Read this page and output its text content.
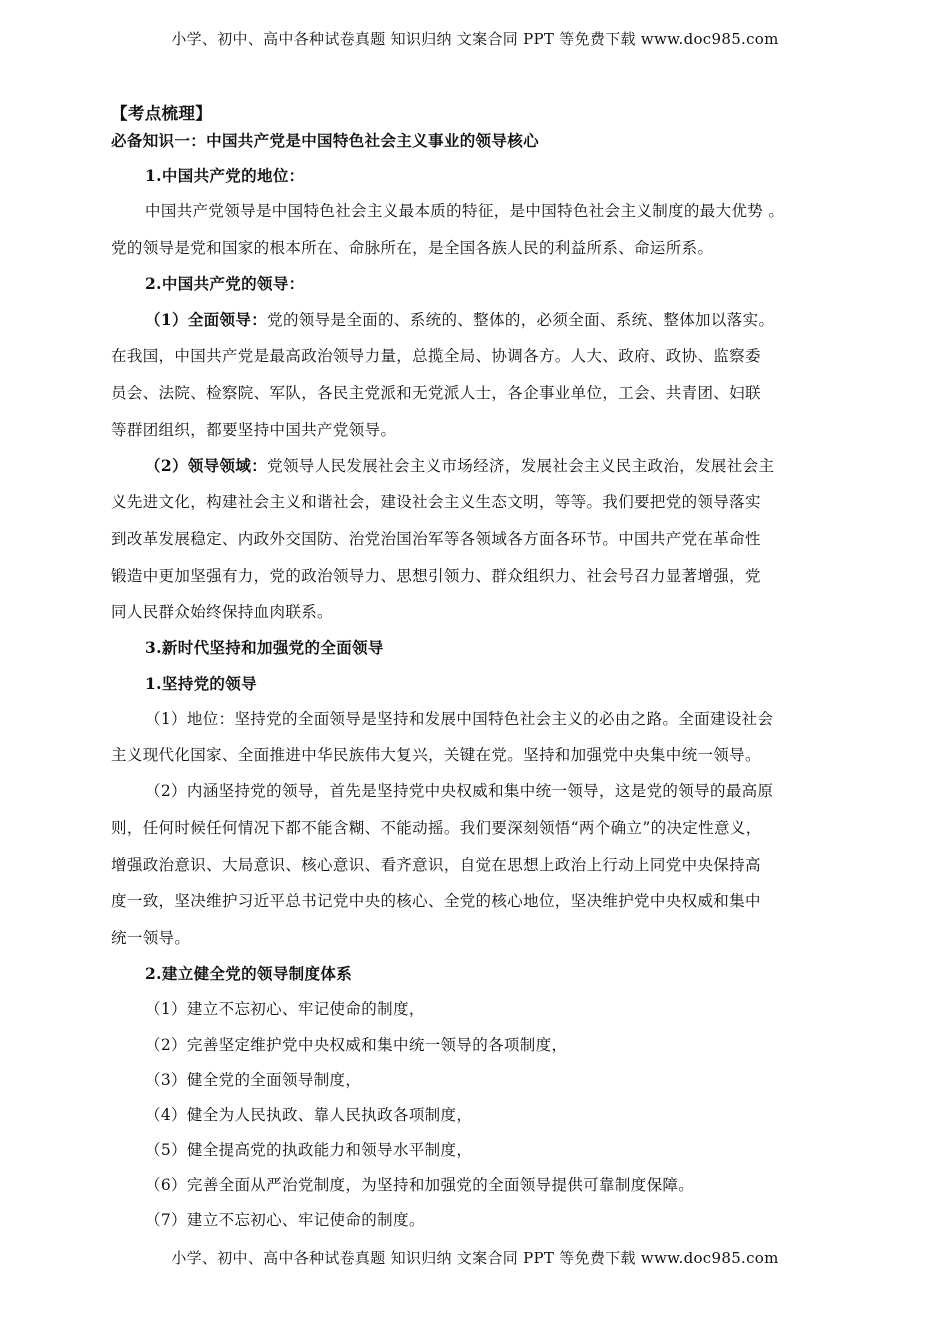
小学、初中、高中各种试卷真题 知识归纳 文案合同 PPT 等免费下载 www.doc985.com
【考点梳理】
必备知识一：中国共产党是中国特色社会主义事业的领导核心
1.中国共产党的地位：
中国共产党领导是中国特色社会主义最本质的特征，是中国特色社会主义制度的最大优势 。
党的领导是党和国家的根本所在、命脉所在，是全国各族人民的利益所系、命运所系。
2.中国共产党的领导：
（1）全面领导：党的领导是全面的、系统的、整体的，必须全面、系统、整体加以落实。
在我国，中国共产党是最高政治领导力量，总揽全局、协调各方。人大、政府、政协、监察委
员会、法院、检察院、军队，各民主党派和无党派人士，各企事业单位，工会、共青团、妇联
等群团组织，都要坚持中国共产党领导。
（2）领导领域：党领导人民发展社会主义市场经济，发展社会主义民主政治，发展社会主
义先进文化，构建社会主义和谐社会，建设社会主义生态文明，等等。我们要把党的领导落实
到改革发展稳定、内政外交国防、治党治国治军等各领域各方面各环节。中国共产党在革命性
锻造中更加坚强有力，党的政治领导力、思想引领力、群众组织力、社会号召力显著增强，党
同人民群众始终保持血肉联系。
3.新时代坚持和加强党的全面领导
1.坚持党的领导
（1）地位：坚持党的全面领导是坚持和发展中国特色社会主义的必由之路。全面建设社会
主义现代化国家、全面推进中华民族伟大复兴，关键在党。坚持和加强党中央集中统一领导。
（2）内涵坚持党的领导，首先是坚持党中央权威和集中统一领导，这是党的领导的最高原
则，任何时候任何情况下都不能含糊、不能动摇。我们要深刻领悟“两个确立”的决定性意义，
增强政治意识、大局意识、核心意识、看齐意识，自觉在思想上政治上行动上同党中央保持高
度一致，坚决维护习近平总书记党中央的核心、全党的核心地位，坚决维护党中央权威和集中
统一领导。
2.建立健全党的领导制度体系
（1）建立不忘初心、牢记使命的制度，
（2）完善坚定维护党中央权威和集中统一领导的各项制度，
（3）健全党的全面领导制度，
（4）健全为人民执政、靠人民执政各项制度，
（5）健全提高党的执政能力和领导水平制度，
（6）完善全面从严治党制度，为坚持和加强党的全面领导提供可靠制度保障。
（7）建立不忘初心、牢记使命的制度。
小学、初中、高中各种试卷真题 知识归纳 文案合同 PPT 等免费下载 www.doc985.com
